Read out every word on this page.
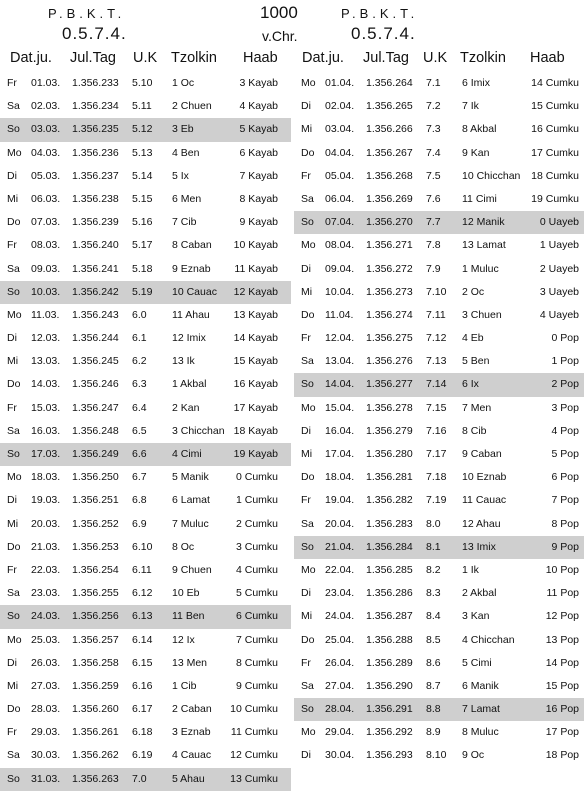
P.B.K.T.
0.5.7.4.
1000
v.Chr.
P.B.K.T.
0.5.7.4.
Dat.ju. Jul.Tag U.K Tzolkin Haab Dat.ju. Jul.Tag U.K Tzolkin Haab
Fr 01.03. 1.356.233 5.10 1 Oc	3 Kayab
Sa 02.03. 1.356.234 5.11 2 Chuen	4 Kayab
So 03.03. 1.356.235 5.12 3 Eb	5 Kayab
Mo 04.03. 1.356.236 5.13 4 Ben	6 Kayab
Di 05.03. 1.356.237 5.14 5 Ix	7 Kayab
Mi 06.03. 1.356.238 5.15 6 Men	8 Kayab
Do 07.03. 1.356.239 5.16 7 Cib	9 Kayab
Fr 08.03. 1.356.240 5.17 8 Caban 10 Kayab
Sa 09.03. 1.356.241 5.18 9 Eznab 11 Kayab
So 10.03. 1.356.242 5.19 10 Cauac 12 Kayab
Mo 11.03. 1.356.243 6.0 11 Ahau 13 Kayab
Di 12.03. 1.356.244 6.1 12 Imix	14 Kayab
Mi 13.03. 1.356.245 6.2 13 Ik	15 Kayab
Do 14.03. 1.356.246 6.3 1 Akbal	16 Kayab
Fr 15.03. 1.356.247 6.4 2 Kan	17 Kayab
Sa 16.03. 1.356.248 6.5 3 Chicchan 18 Kayab
So 17.03. 1.356.249 6.6 4 Cimi	19 Kayab
Mo 18.03. 1.356.250 6.7 5 Manik	0 Cumku
Di 19.03. 1.356.251 6.8 6 Lamat 1 Cumku
Mi 20.03. 1.356.252 6.9 7 Muluc	2 Cumku
Do 21.03. 1.356.253 6.10 8 Oc	3 Cumku
Fr 22.03. 1.356.254 6.11 9 Chuen 4 Cumku
Sa 23.03. 1.356.255 6.12 10 Eb	5 Cumku
So 24.03. 1.356.256 6.13 11 Ben	6 Cumku
Mo 25.03. 1.356.257 6.14 12 Ix	7 Cumku
Di 26.03. 1.356.258 6.15 13 Men	8 Cumku
Mi 27.03. 1.356.259 6.16 1 Cib	9 Cumku
Do 28.03. 1.356.260 6.17 2 Caban 10 Cumku
Fr 29.03. 1.356.261 6.18 3 Eznab 11 Cumku
Sa 30.03. 1.356.262 6.19 4 Cauac 12 Cumku
So 31.03. 1.356.263 7.0 5 Ahau 13 Cumku
Mo 01.04. 1.356.264 7.1 6 Imix	14 Cumku
Di 02.04. 1.356.265 7.2 7 Ik	15 Cumku
Mi 03.04. 1.356.266 7.3 8 Akbal	16 Cumku
Do 04.04. 1.356.267 7.4 9 Kan	17 Cumku
Fr 05.04. 1.356.268 7.5 10 Chicchan 18 Cumku
Sa 06.04. 1.356.269 7.6 11 Cimi	19 Cumku
So 07.04. 1.356.270 7.7 12 Manik	0 Uayeb
Mo 08.04. 1.356.271 7.8 13 Lamat	1 Uayeb
Di 09.04. 1.356.272 7.9 1 Muluc	2 Uayeb
Mi 10.04. 1.356.273 7.10 2 Oc	3 Uayeb
Do 11.04. 1.356.274 7.11 3 Chuen	4 Uayeb
Fr 12.04. 1.356.275 7.12 4 Eb	0 Pop
Sa 13.04. 1.356.276 7.13 5 Ben	1 Pop
So 14.04. 1.356.277 7.14 6 Ix	2 Pop
Mo 15.04. 1.356.278 7.15 7 Men	3 Pop
Di 16.04. 1.356.279 7.16 8 Cib	4 Pop
Mi 17.04. 1.356.280 7.17 9 Caban	5 Pop
Do 18.04. 1.356.281 7.18 10 Eznab	6 Pop
Fr 19.04. 1.356.282 7.19 11 Cauac	7 Pop
Sa 20.04. 1.356.283 8.0 12 Ahau	8 Pop
So 21.04. 1.356.284 8.1 13 Imix	9 Pop
Mo 22.04. 1.356.285 8.2 1 Ik	10 Pop
Di 23.04. 1.356.286 8.3 2 Akbal	11 Pop
Mi 24.04. 1.356.287 8.4 3 Kan	12 Pop
Do 25.04. 1.356.288 8.5 4 Chicchan	13 Pop
Fr 26.04. 1.356.289 8.6 5 Cimi	14 Pop
Sa 27.04. 1.356.290 8.7 6 Manik	15 Pop
So 28.04. 1.356.291 8.8 7 Lamat	16 Pop
Mo 29.04. 1.356.292 8.9 8 Muluc	17 Pop
Di 30.04. 1.356.293 8.10 9 Oc	18 Pop
